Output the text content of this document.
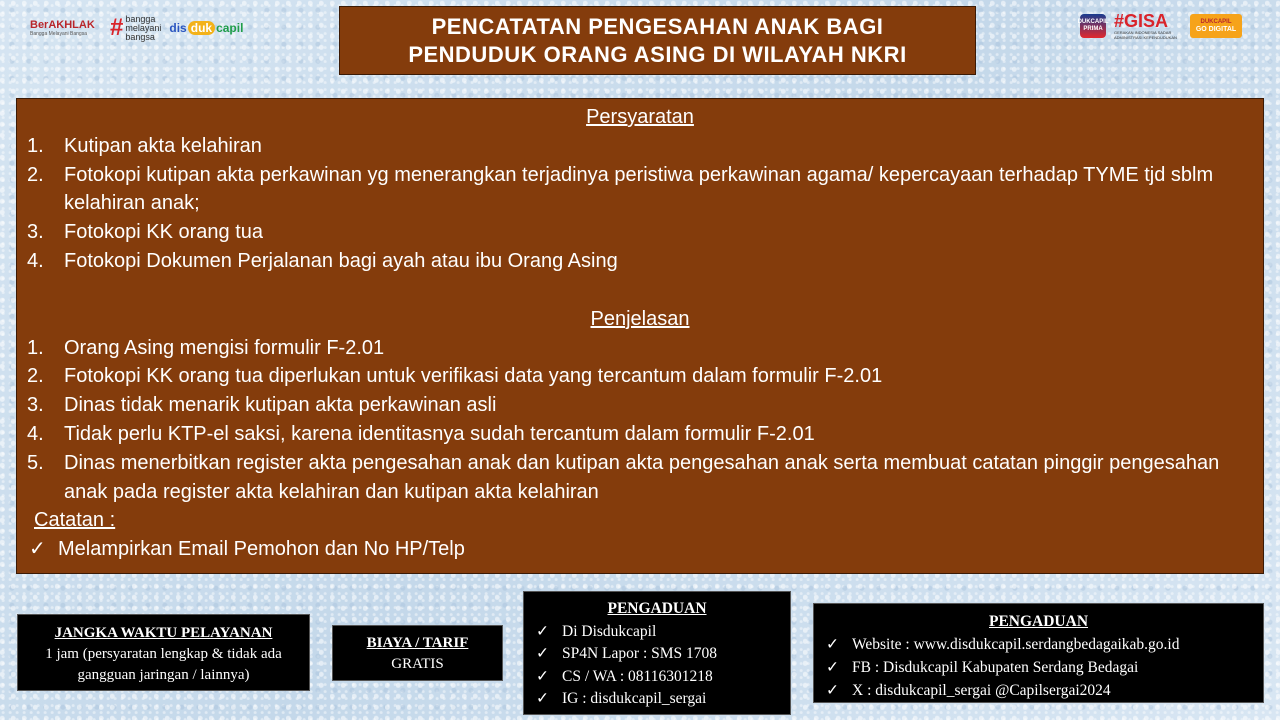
BerAKHLAK
Bangga Melayani Bangsa # bangga
melayani
bangsa
dis duk capil	PENCATATAN PENGESAHAN ANAK BAGI
PENDUDUK ORANG ASING DI WILAYAH NKRI
DUKCAPIL PRIMA #GISA
GERAKAN INDONESIA SADAR ADMINISTRASI KEPENDUDUKAN
DUKCAPIL
GO DIGITAL
Persyaratan
1.	Kutipan akta kelahiran
2.	Fotokopi kutipan akta perkawinan yg menerangkan terjadinya peristiwa perkawinan agama/ kepercayaan terhadap TYME tjd sblm kelahiran anak;
3.	Fotokopi KK orang tua
4.	Fotokopi Dokumen Perjalanan bagi ayah atau ibu Orang Asing
Penjelasan
1.	Orang Asing mengisi formulir F-2.01
2.	Fotokopi KK orang tua diperlukan untuk verifikasi data yang tercantum dalam formulir F-2.01
3.	Dinas tidak menarik kutipan akta perkawinan asli
4.	Tidak perlu KTP-el saksi, karena identitasnya sudah tercantum dalam formulir F-2.01
5.	Dinas menerbitkan register akta pengesahan anak dan kutipan akta pengesahan anak serta membuat catatan pinggir pengesahan anak pada register akta kelahiran dan kutipan akta kelahiran
Catatan :
✓ Melampirkan Email Pemohon dan No HP/Telp
JANGKA WAKTU PELAYANAN
1 jam (persyaratan lengkap & tidak ada gangguan jaringan / lainnya)
BIAYA / TARIF
GRATIS
PENGADUAN
✓ Di Disdukcapil
✓ SP4N Lapor : SMS 1708
✓ CS / WA : 08116301218
✓ IG : disdukcapil_sergai
PENGADUAN
✓ Website : www.disdukcapil.serdangbedagaikab.go.id
✓ FB : Disdukcapil Kabupaten Serdang Bedagai
✓ X : disdukcapil_sergai @Capilsergai2024
